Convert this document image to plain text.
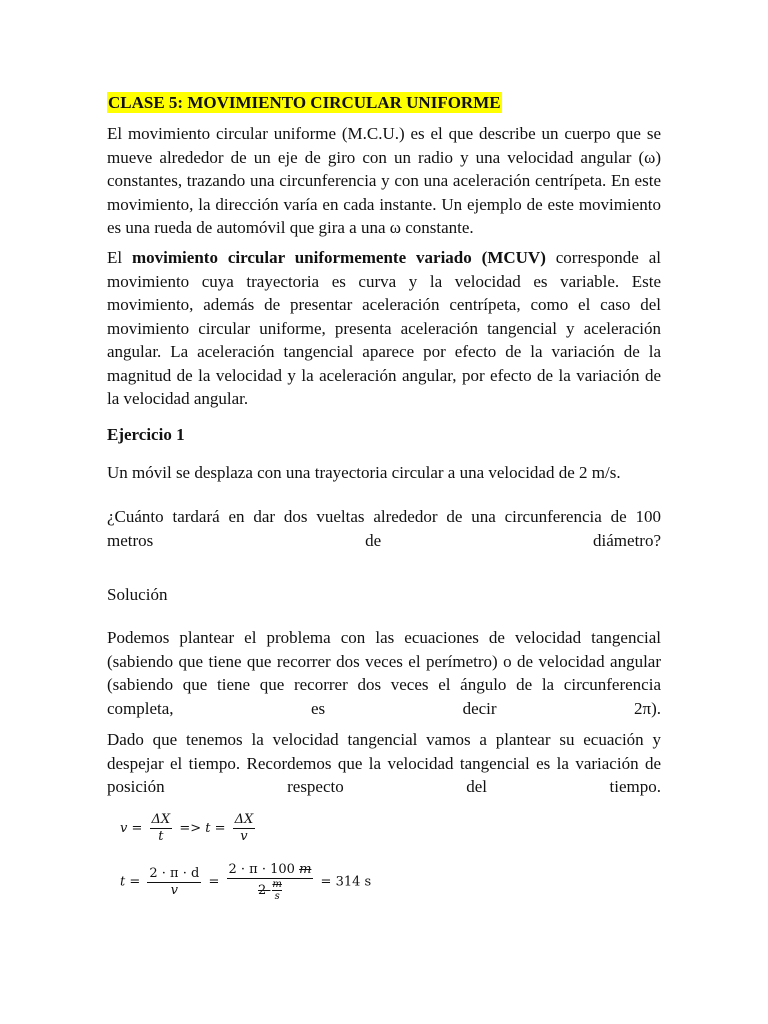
CLASE 5: MOVIMIENTO CIRCULAR UNIFORME

El movimiento circular uniforme (M.C.U.) es el que describe un cuerpo que se mueve alrededor de un eje de giro con un radio y una velocidad angular (ω) constantes, trazando una circunferencia y con una aceleración centrípeta. En este movimiento, la dirección varía en cada instante. Un ejemplo de este movimiento es una rueda de automóvil que gira a una ω constante.

El movimiento circular uniformemente variado (MCUV) corresponde al movimiento cuya trayectoria es curva y la velocidad es variable. Este movimiento, además de presentar aceleración centrípeta, como el caso del movimiento circular uniforme, presenta aceleración tangencial y aceleración angular. La aceleración tangencial aparece por efecto de la variación de la magnitud de la velocidad y la aceleración angular, por efecto de la variación de la velocidad angular.

Ejercicio 1

Un móvil se desplaza con una trayectoria circular a una velocidad de 2 m/s.

¿Cuánto tardará en dar dos vueltas alrededor de una circunferencia de 100 metros de diámetro?

Solución

Podemos plantear el problema con las ecuaciones de velocidad tangencial (sabiendo que tiene que recorrer dos veces el perímetro) o de velocidad angular (sabiendo que tiene que recorrer dos veces el ángulo de la circunferencia completa, es decir 2π).

Dado que tenemos la velocidad tangencial vamos a plantear su ecuación y despejar el tiempo. Recordemos que la velocidad tangencial es la variación de posición respecto del tiempo.

$v = \frac{\Delta X}{t} => t = \frac{\Delta X}{v}$
$t = \frac{2 \cdot \pi \cdot d}{v} = \frac{2 \cdot \pi \cdot 100 m}{2 \frac{m}{s}} = 314$ s
